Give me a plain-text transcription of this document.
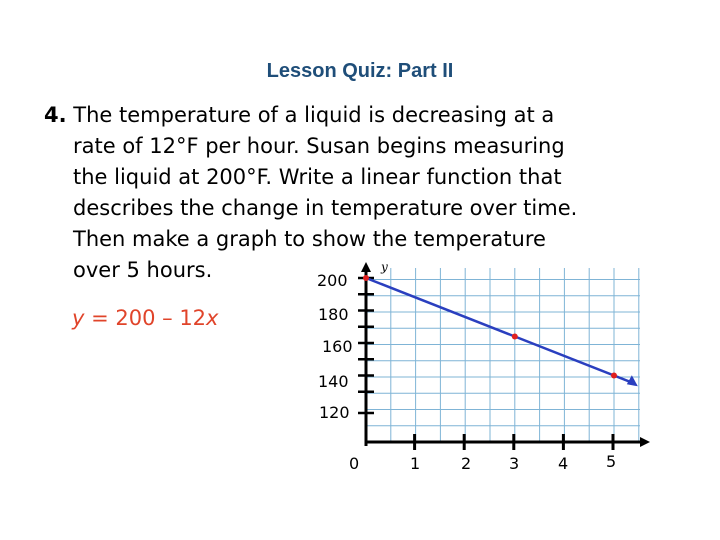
Lesson Quiz: Part II
4. The temperature of a liquid is decreasing at a
rate of 12°F per hour. Susan begins measuring
the liquid at 200°F. Write a linear function that
describes the change in temperature over time.
Then make a graph to show the temperature
over 5 hours.
y = 200 – 12x
200
180
160
140
120
0	1	2 3 4 5
y
